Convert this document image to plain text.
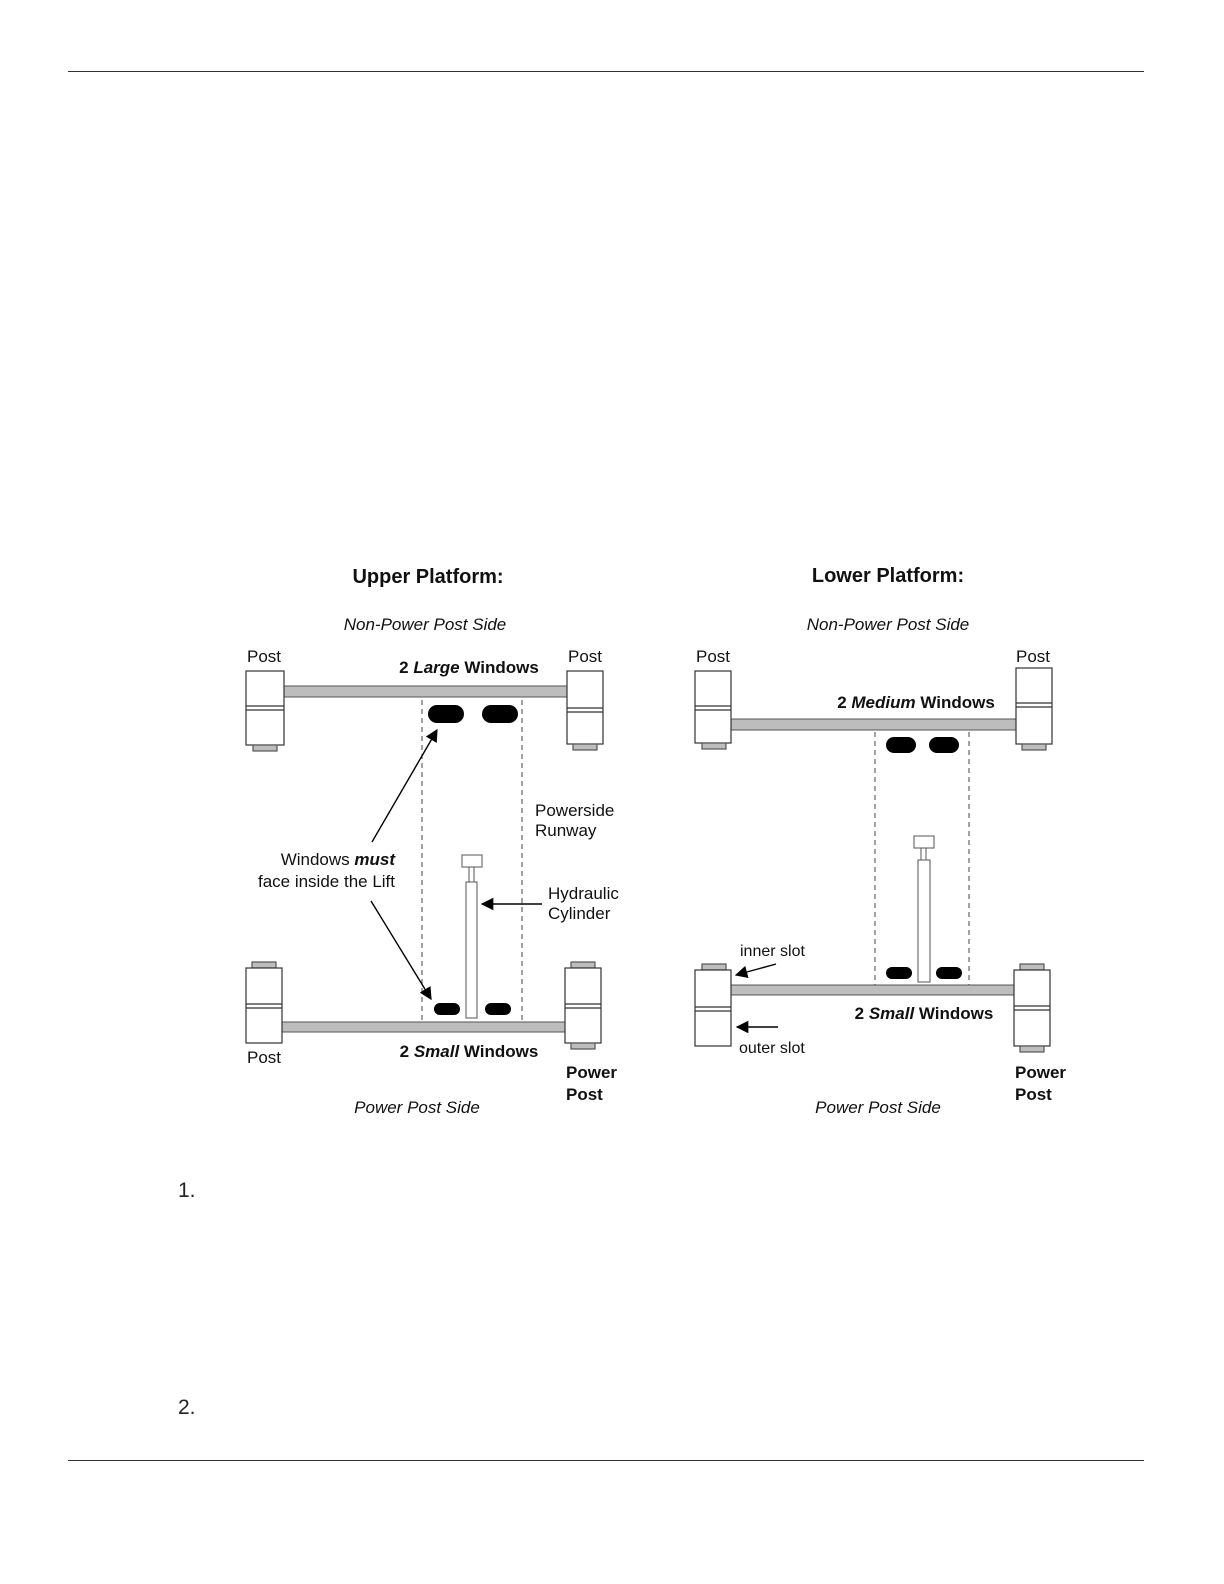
Upper Platform:
Non-Power Post Side
Post	Post
2 Large Windows
Powerside
Runway
Hydraulic
Cylinder
Windows must
face inside the Lift
Post	2 Small Windows
Power
Post
Power Post Side
Lower Platform:
Non-Power Post Side
Post	Post
2 Medium Windows
inner slot
outer slot
2 Small Windows
Power
Post
Power Post Side
1.
2.
